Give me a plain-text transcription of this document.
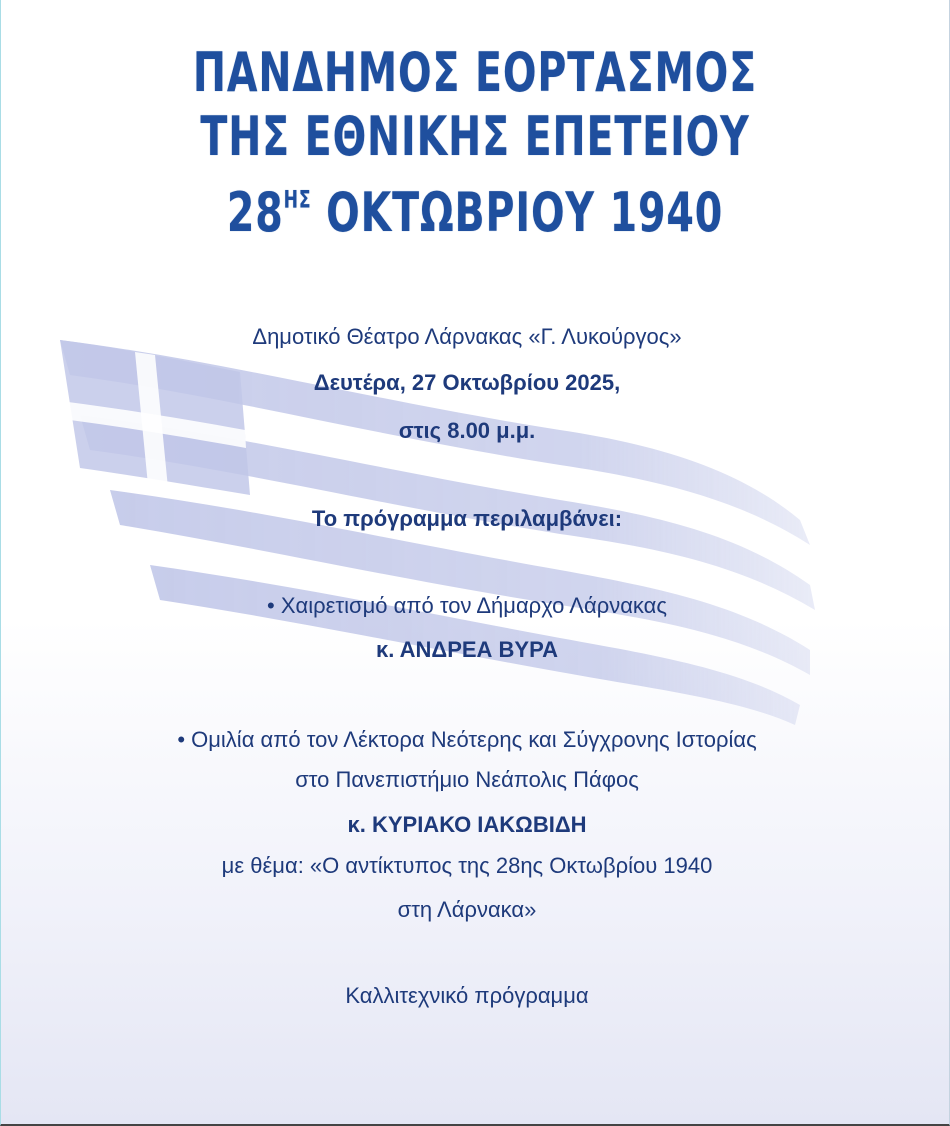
ΠΑΝΔΗΜΟΣ ΕΟΡΤΑΣΜΟΣ
ΤΗΣ ΕΘΝΙΚΗΣ ΕΠΕΤΕΙΟΥ
$28^{H\Sigma}$ ΟΚΤΩΒΡΙΟΥ 1940
Δημοτικό Θέατρο Λάρνακας «Γ. Λυκούργος»
Δευτέρα, 27 Οκτωβρίου 2025,
στις 8.00 μ.μ.
Το πρόγραμμα περιλαμβάνει:
• Χαιρετισμό από τον Δήμαρχο Λάρνακας
κ. ΑΝΔΡΕΑ ΒΥΡΑ
• Ομιλία από τον Λέκτορα Νεότερης και Σύγχρονης Ιστορίας
στο Πανεπιστήμιο Νεάπολις Πάφος
κ. ΚΥΡΙΑΚΟ ΙΑΚΩΒΙΔΗ
με θέμα: «Ο αντίκτυπος της 28ης Οκτωβρίου 1940
στη Λάρνακα»
Καλλιτεχνικό πρόγραμμα
